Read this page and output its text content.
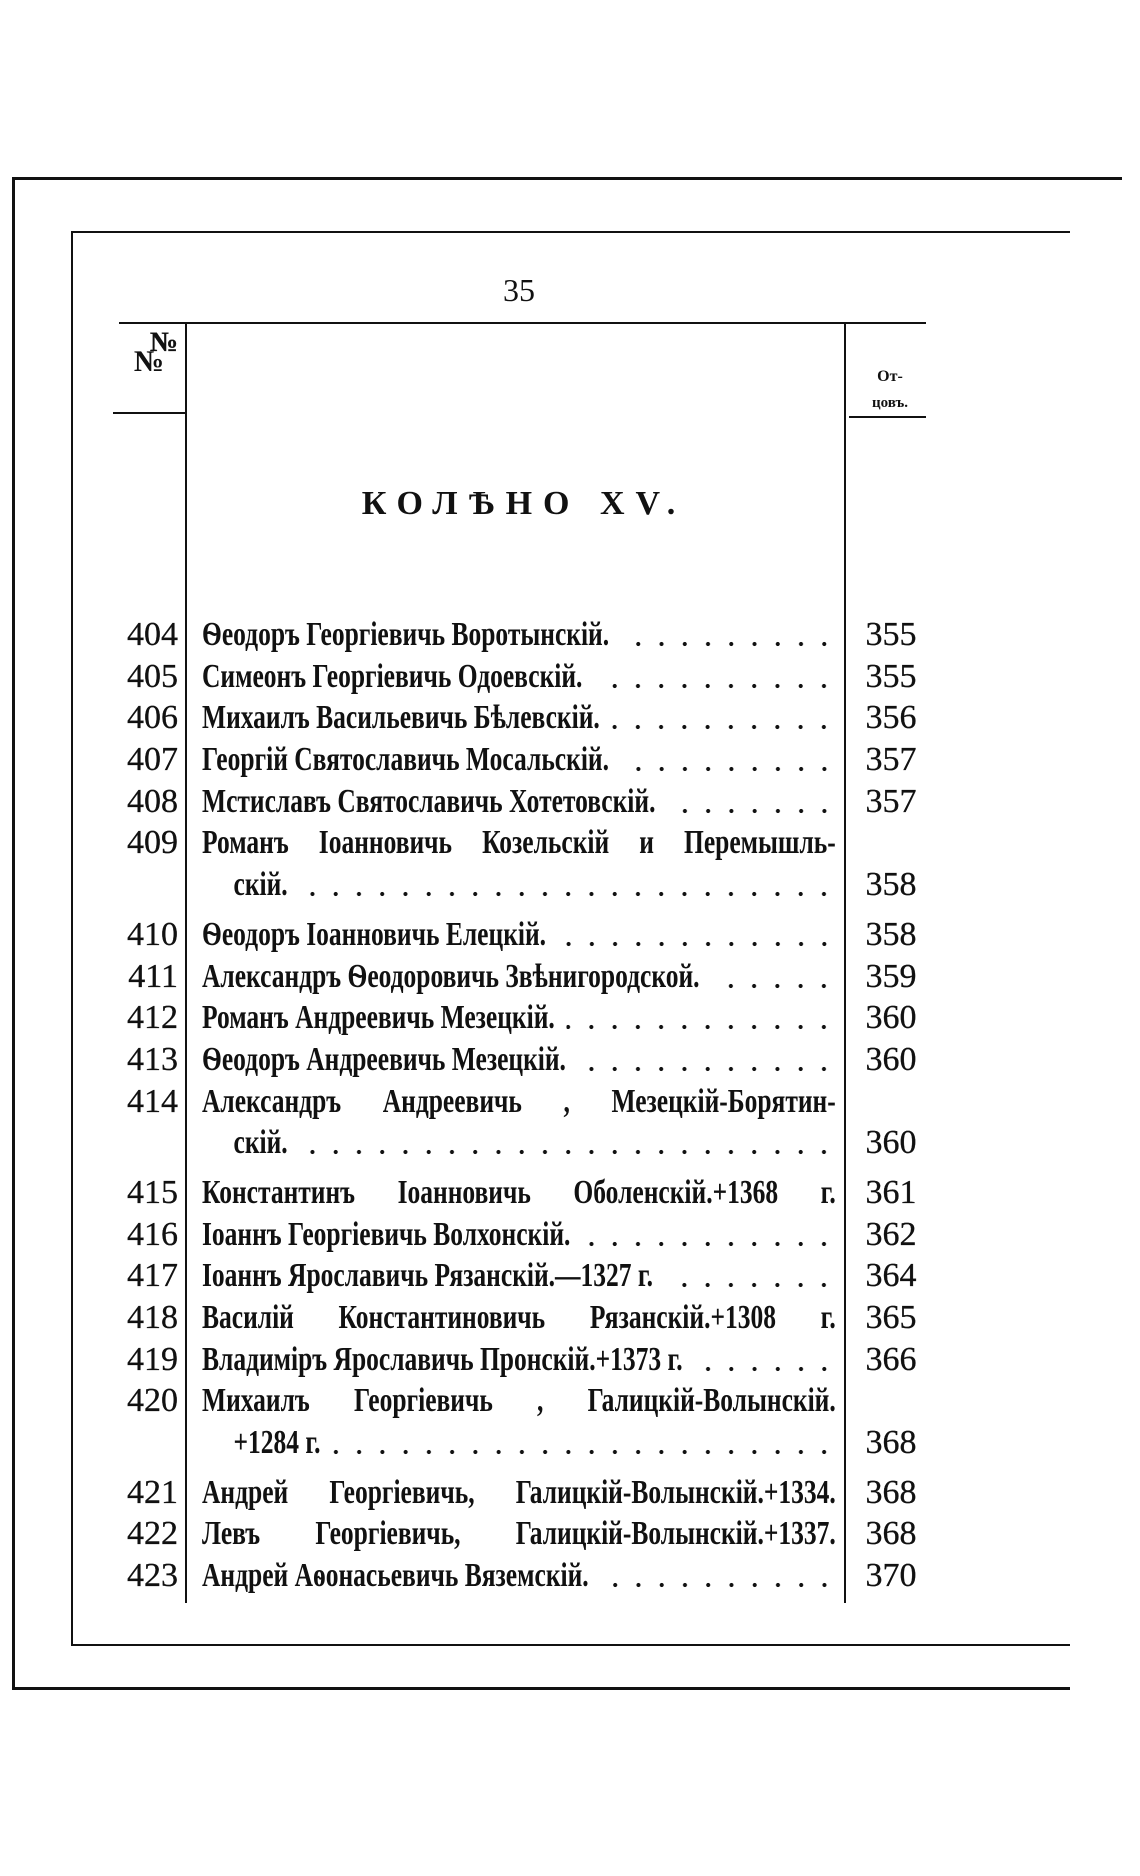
35
№
№
От-
цовъ.
КОЛѢНО XV.
404 Ѳеодоръ Георгіевичь Воротынскій.	355
405 Симеонъ Георгіевичь Одоевскій.	355
406 Михаилъ Васильевичь Бѣлевскій.	356
407 Георгій Святославичь Мосальскій.	357
408 Мстиславъ Святославичь Хотетовскій.	357
409 Романъ Іоанновичь Козельскій и Перемышль-
скій.	358
410 Ѳеодоръ Іоанновичь Елецкій.	358
411 Александръ Ѳеодоровичь Звѣнигородской.	359
412 Романъ Андреевичь Мезецкій.	360
413 Ѳеодоръ Андреевичь Мезецкій.	360
414 Александръ Андреевичь , Мезецкій-Борятин-
скій.	360
415 Константинъ Іоанновичь Оболенскій.+1368 г. 361
416 Іоаннъ Георгіевичь Волхонскій.	362
417 Іоаннъ Ярославичь Рязанскій.—1327 г.	364
418 Василій Константиновичь Рязанскій.+1308 г. 365
419 Владиміръ Ярославичь Пронскій.+1373 г.	366
420 Михаилъ Георгіевичь , Галицкій-Волынскій.
+1284 г.	368
421 Андрей Георгіевичь, Галицкій-Волынскій.+1334. 368
422 Левъ Георгіевичь, Галицкій-Волынскій.+1337. 368
423 Андрей Аѳонасьевичь Вяземскій.	370
